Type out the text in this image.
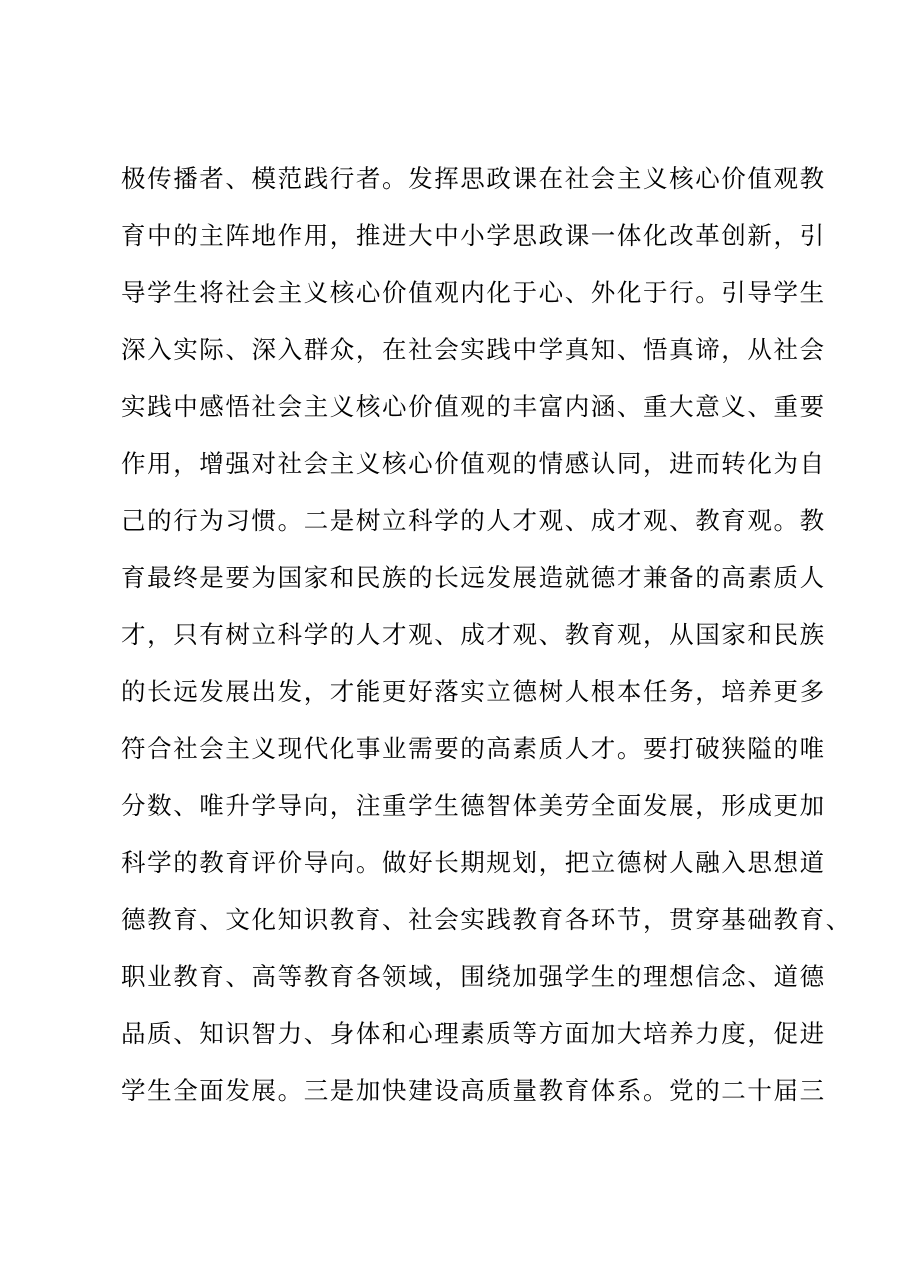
极传播者、模范践行者。发挥思政课在社会主义核心价值观教
育中的主阵地作用，推进大中小学思政课一体化改革创新，引
导学生将社会主义核心价值观内化于心、外化于行。引导学生
深入实际、深入群众，在社会实践中学真知、悟真谛，从社会
实践中感悟社会主义核心价值观的丰富内涵、重大意义、重要
作用，增强对社会主义核心价值观的情感认同，进而转化为自
己的行为习惯。二是树立科学的人才观、成才观、教育观。教
育最终是要为国家和民族的长远发展造就德才兼备的高素质人
才，只有树立科学的人才观、成才观、教育观，从国家和民族
的长远发展出发，才能更好落实立德树人根本任务，培养更多
符合社会主义现代化事业需要的高素质人才。要打破狭隘的唯
分数、唯升学导向，注重学生德智体美劳全面发展，形成更加
科学的教育评价导向。做好长期规划，把立德树人融入思想道
德教育、文化知识教育、社会实践教育各环节，贯穿基础教育、
职业教育、高等教育各领域，围绕加强学生的理想信念、道德
品质、知识智力、身体和心理素质等方面加大培养力度，促进
学生全面发展。三是加快建设高质量教育体系。党的二十届三
